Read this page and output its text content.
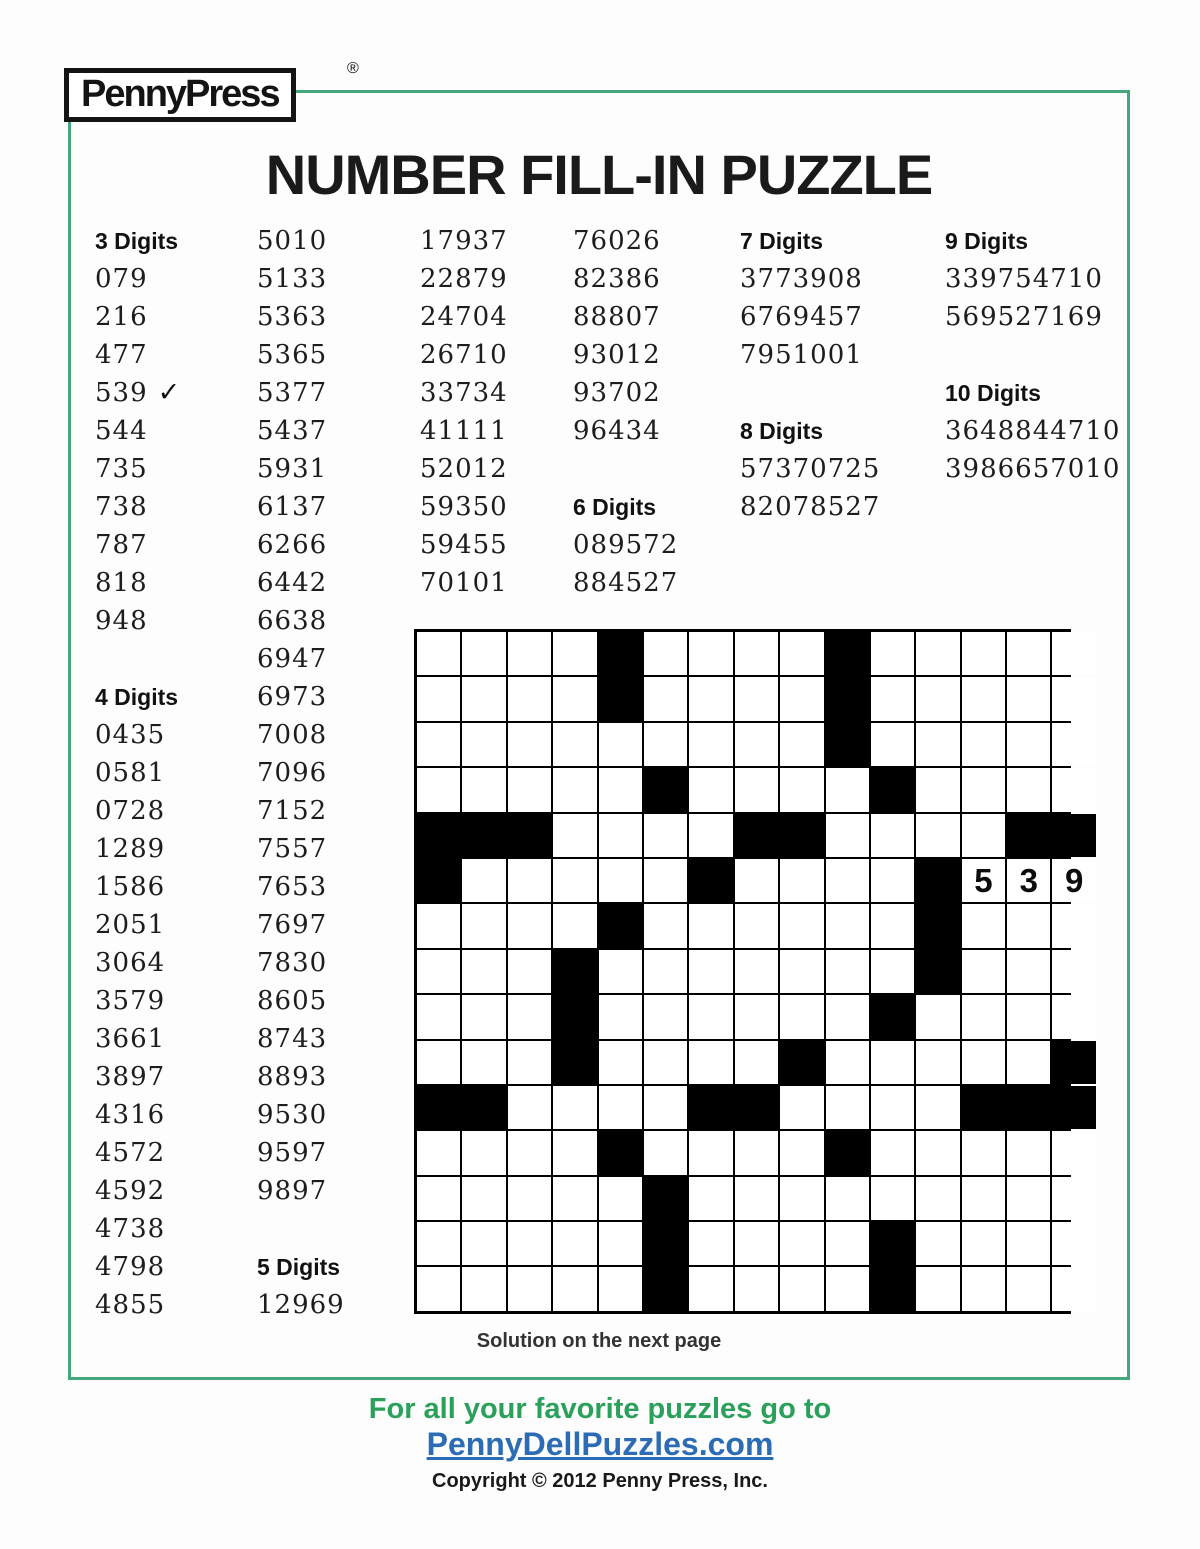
PennyPress
®
NUMBER FILL-IN PUZZLE
3 Digits
079
216
477
539 ✓
544
735
738
787
818
948
4 Digits
0435
0581
0728
1289
1586
2051
3064
3579
3661
3897
4316
4572
4592
4738
4798
4855
5010
5133
5363
5365
5377
5437
5931
6137
6266
6442
6638
6947
6973
7008
7096
7152
7557
7653
7697
7830
8605
8743
8893
9530
9597
9897
5 Digits
12969
17937
22879
24704
26710
33734
41111
52012
59350
59455
70101
76026
82386
88807
93012
93702
96434
6 Digits
089572
884527
7 Digits
3773908
6769457
7951001
8 Digits
57370725
82078527
9 Digits
339754710
569527169
10 Digits
3648844710
3986657010
5 3 9
Solution on the next page
For all your favorite puzzles go to
PennyDellPuzzles.com
Copyright © 2012 Penny Press, Inc.
